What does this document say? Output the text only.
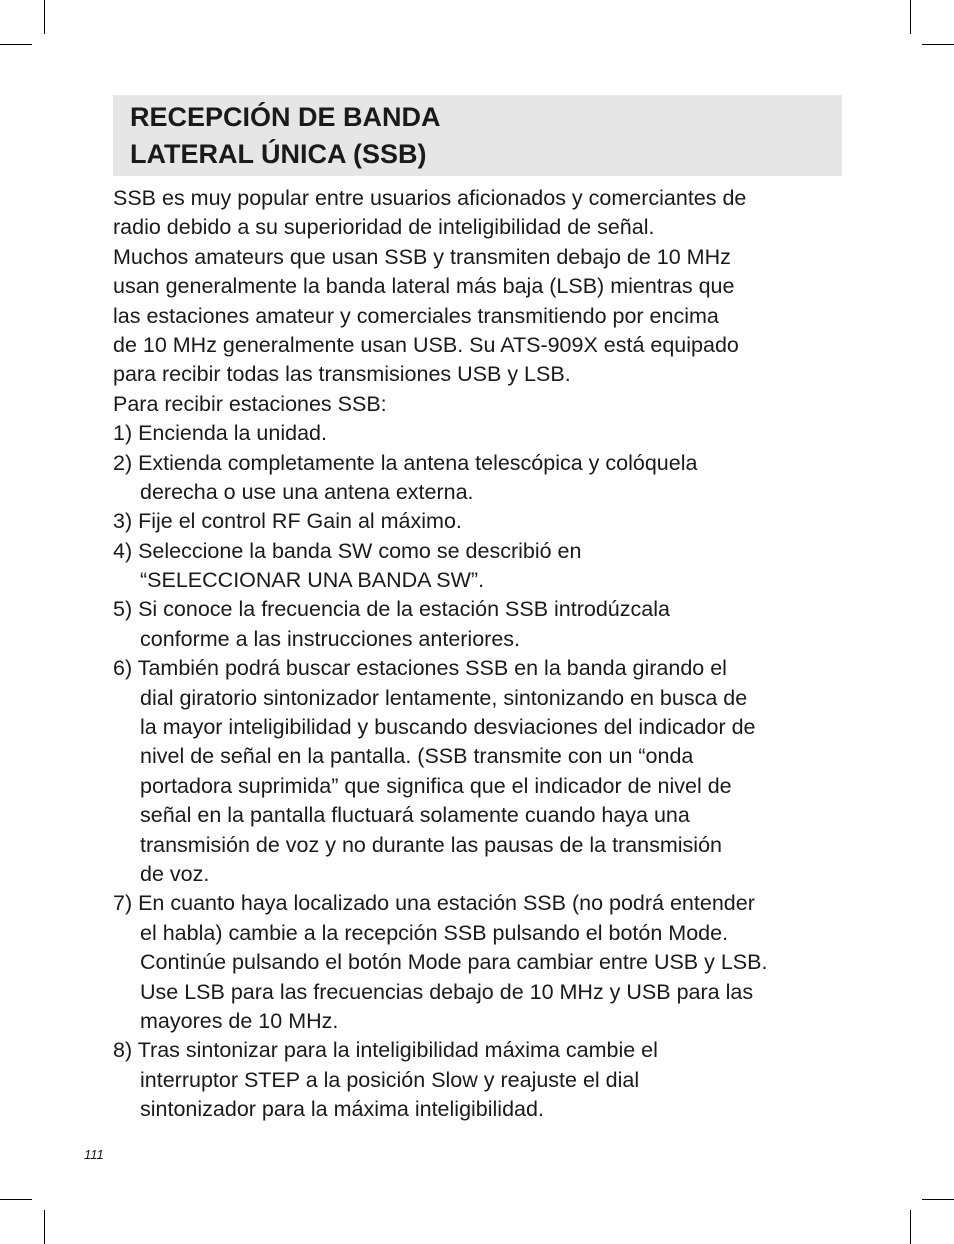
RECEPCIÓN DE BANDA
LATERAL ÚNICA (SSB)
SSB es muy popular entre usuarios aficionados y comerciantes de
radio debido a su superioridad de inteligibilidad de señal.
Muchos amateurs que usan SSB y transmiten debajo de 10 MHz
usan generalmente la banda lateral más baja (LSB) mientras que
las estaciones amateur y comerciales transmitiendo por encima
de 10 MHz generalmente usan USB. Su ATS-909X está equipado
para recibir todas las transmisiones USB y LSB.
Para recibir estaciones SSB:
1) Encienda la unidad.
2) Extienda completamente la antena telescópica y colóquela
derecha o use una antena externa.
3) Fije el control RF Gain al máximo.
4) Seleccione la banda SW como se describió en
“SELECCIONAR UNA BANDA SW”.
5) Si conoce la frecuencia de la estación SSB introdúzcala
conforme a las instrucciones anteriores.
6) También podrá buscar estaciones SSB en la banda girando el
dial giratorio sintonizador lentamente, sintonizando en busca de
la mayor inteligibilidad y buscando desviaciones del indicador de
nivel de señal en la pantalla. (SSB transmite con un “onda
portadora suprimida” que significa que el indicador de nivel de
señal en la pantalla fluctuará solamente cuando haya una
transmisión de voz y no durante las pausas de la transmisión
de voz.
7) En cuanto haya localizado una estación SSB (no podrá entender
el habla) cambie a la recepción SSB pulsando el botón Mode.
Continúe pulsando el botón Mode para cambiar entre USB y LSB.
Use LSB para las frecuencias debajo de 10 MHz y USB para las
mayores de 10 MHz.
8) Tras sintonizar para la inteligibilidad máxima cambie el
interruptor STEP a la posición Slow y reajuste el dial
sintonizador para la máxima inteligibilidad.
111
